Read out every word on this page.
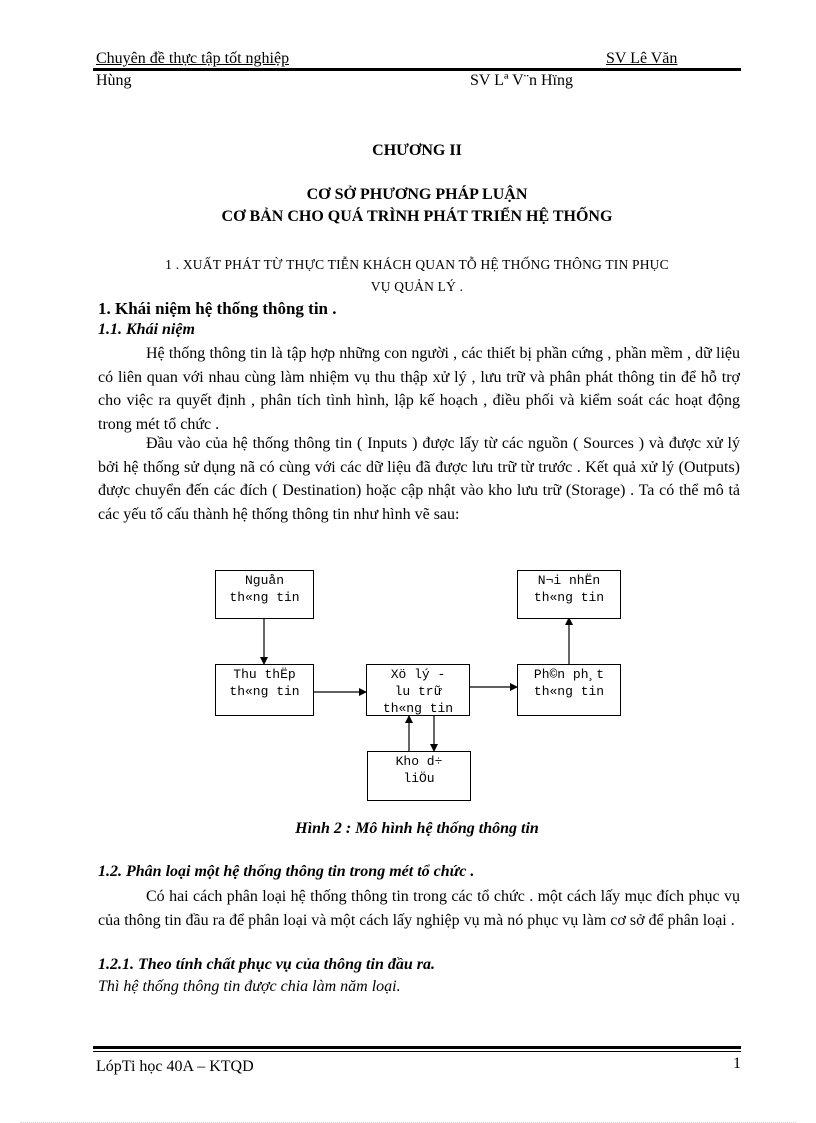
Chuyên đề thực tập tốt nghiệp	SV Lê Văn
Hùng	SV Lª V¨n Hïng
CHƯƠNG II
CƠ SỞ PHƯƠNG PHÁP LUẬN
CƠ BẢN CHO QUÁ TRÌNH PHÁT TRIỂN HỆ THỐNG
1 . XUẤT PHÁT TỪ THỰC TIỄN KHÁCH QUAN TỖ HỆ THỐNG THÔNG TIN PHỤC
VỤ QUẢN LÝ .
1. Khái niệm hệ thống thông tin .
1.1. Khái niệm
Hệ thống thông tin là tập hợp những con người , các thiết bị phần cứng , phần mềm , dữ liệu có liên quan với nhau cùng làm nhiệm vụ thu thập xử lý , lưu trữ và phân phát thông tin để hỗ trợ cho việc ra quyết định , phân tích tình hình, lập kế hoạch , điều phối và kiểm soát các hoạt động trong mét tổ chức .
Đầu vào của hệ thống thông tin ( Inputs ) được lấy từ các nguồn ( Sources ) và được xử lý bởi hệ thống sử dụng nã có cùng với các dữ liệu đã được lưu trữ từ trước . Kết quả xử lý (Outputs) được chuyển đến các đích ( Destination) hoặc cập nhật vào kho lưu trữ (Storage) . Ta có thể mô tả các yếu tố cấu thành hệ thống thông tin như hình vẽ sau:
Nguån
th«ng tin
N¬i nhËn
th«ng tin
Thu thËp
th«ng tin
Xö lý -
lu trữ
th«ng tin
Ph©n ph¸t
th«ng tin
Kho d÷
liÖu
Hình 2 : Mô hình hệ thống thông tin
1.2. Phân loại một hệ thống thông tin trong mét tổ chức .
Có hai cách phân loại hệ thống thông tin trong các tổ chức . một cách lấy mục đích phục vụ của thông tin đầu ra để phân loại và một cách lấy nghiệp vụ mà nó phục vụ làm cơ sở để phân loại .
1.2.1. Theo tính chất phục vụ của thông tin đầu ra.
Thì hệ thống thông tin được chia làm năm loại.
LópTi học 40A – KTQD	1
